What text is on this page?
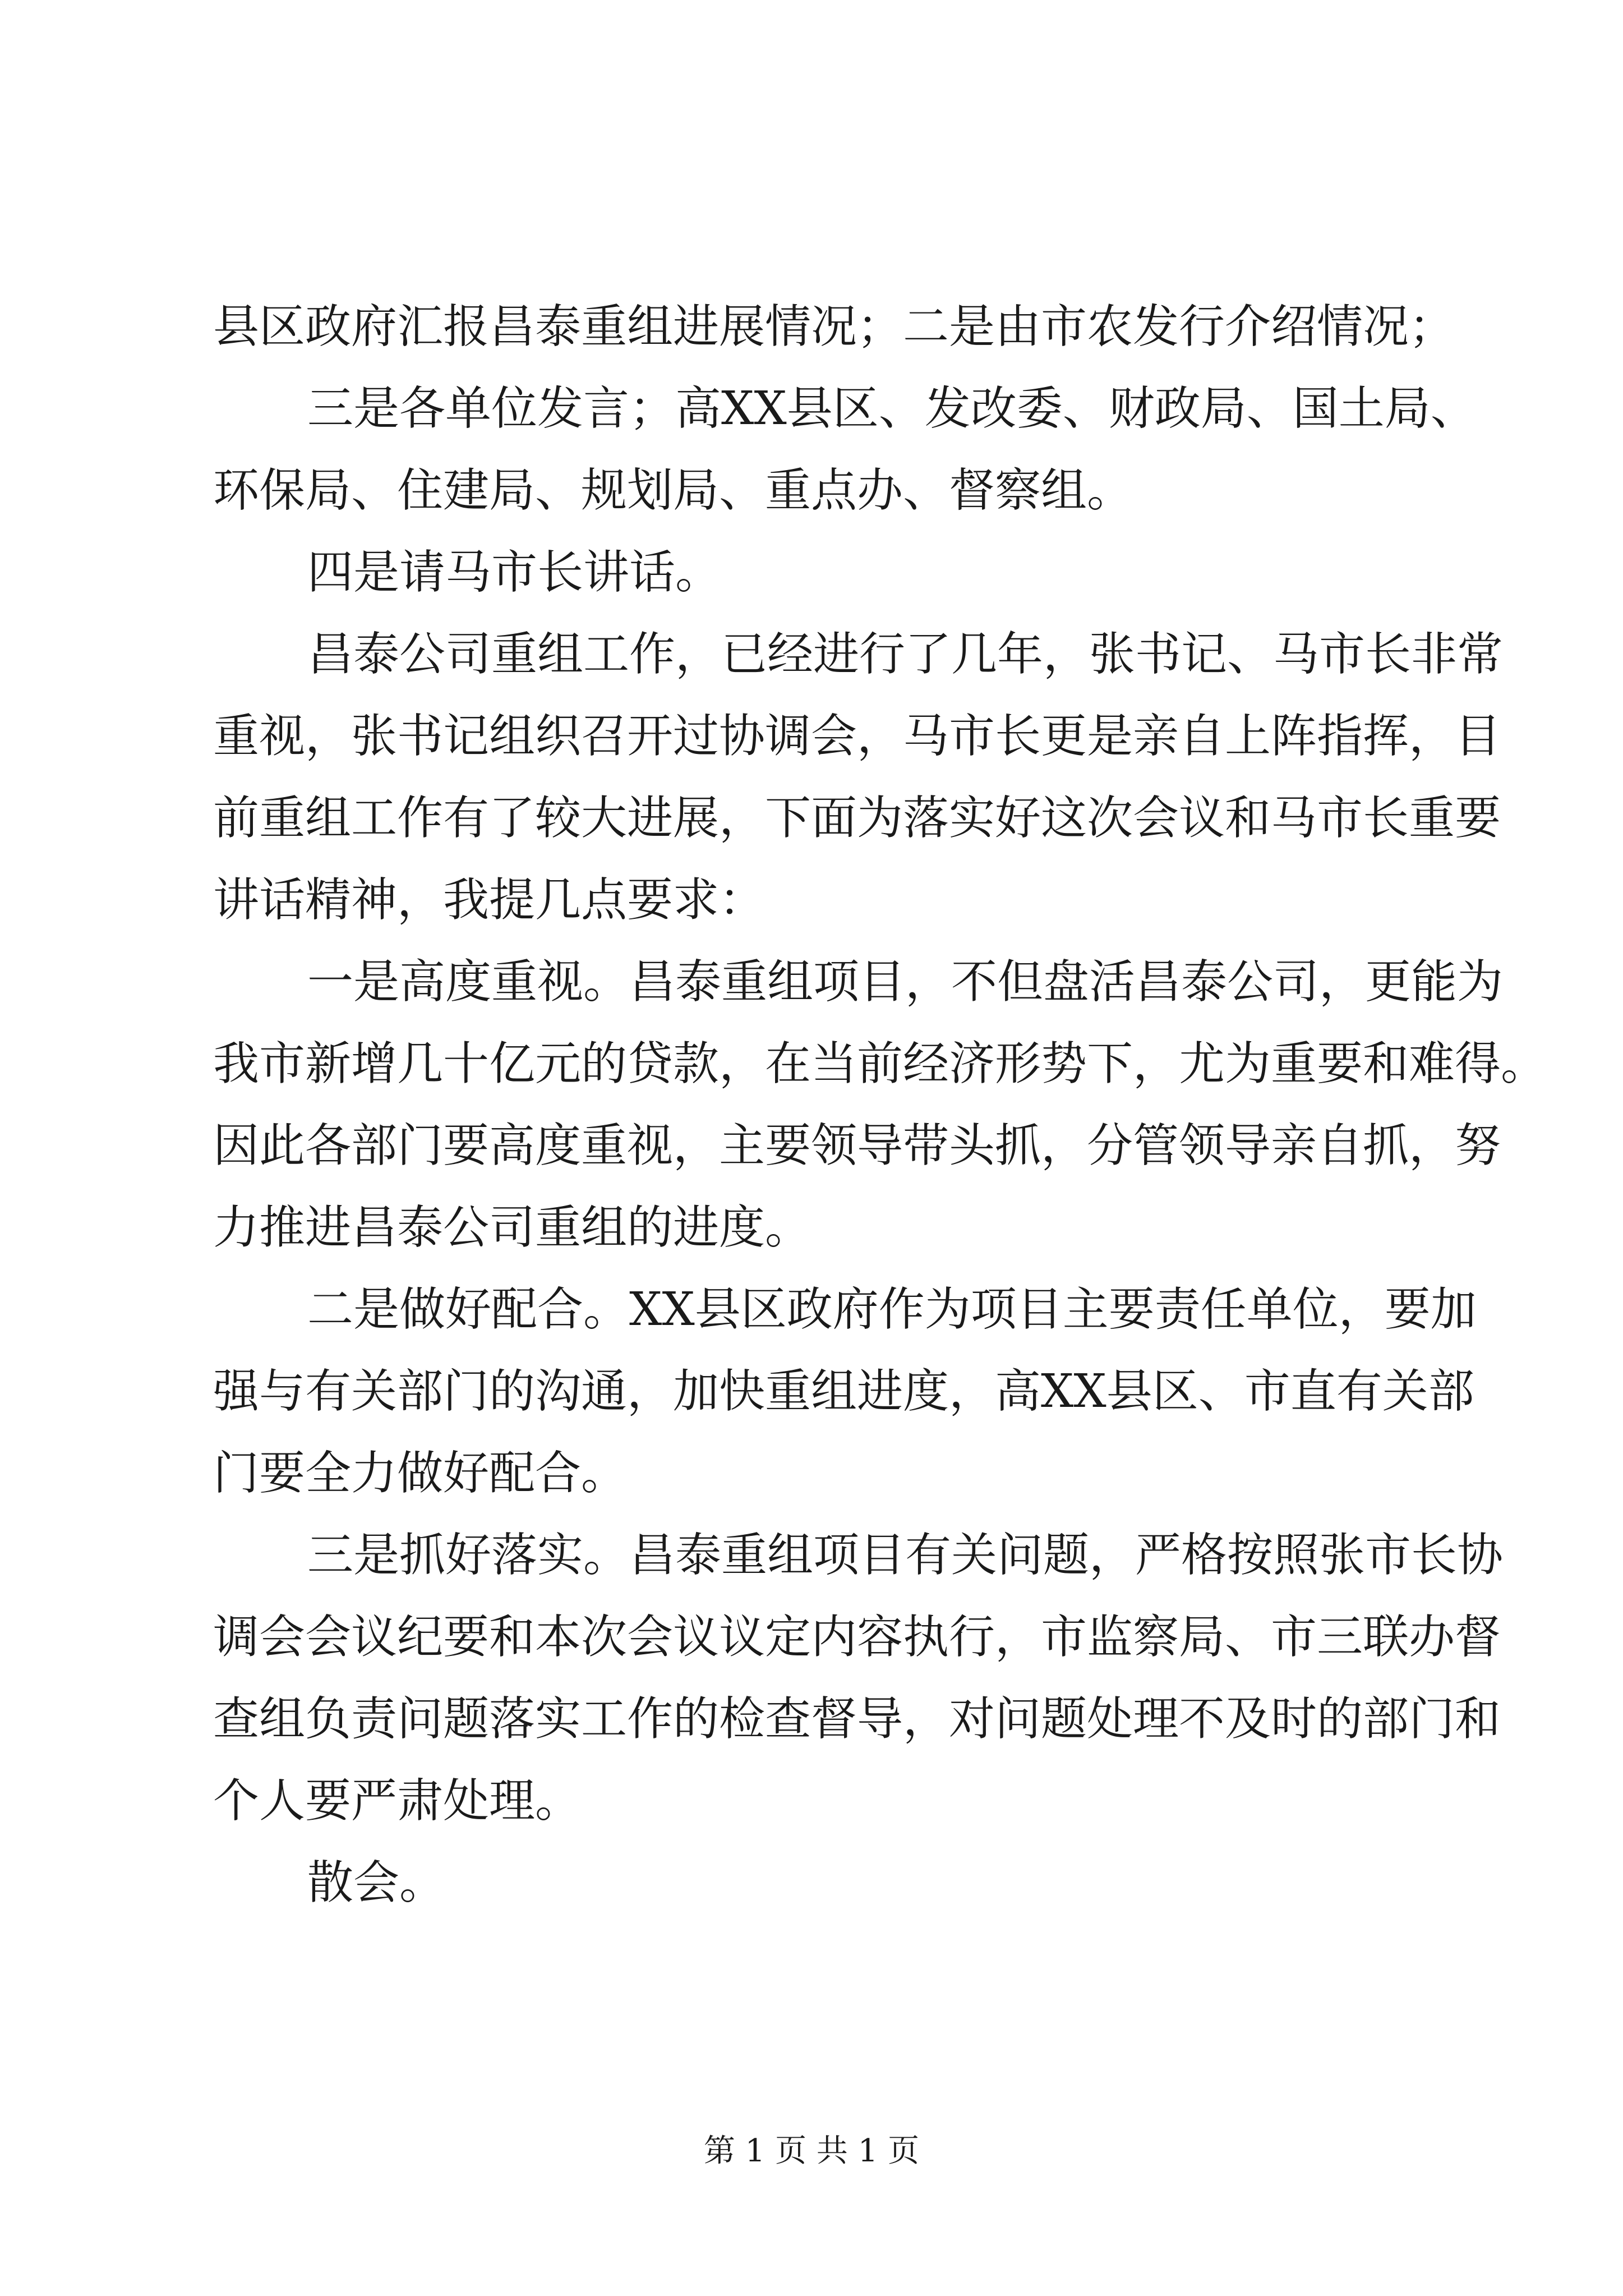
县区政府汇报昌泰重组进展情况；二是由市农发行介绍情况；
三是各单位发言；高XX县区、发改委、财政局、国土局、
环保局、住建局、规划局、重点办、督察组。
四是请马市长讲话。
昌泰公司重组工作，已经进行了几年，张书记、马市长非常
重视，张书记组织召开过协调会，马市长更是亲自上阵指挥，目
前重组工作有了较大进展，下面为落实好这次会议和马市长重要
讲话精神，我提几点要求：
一是高度重视。昌泰重组项目，不但盘活昌泰公司，更能为
我市新增几十亿元的贷款，在当前经济形势下，尤为重要和难得。
因此各部门要高度重视，主要领导带头抓，分管领导亲自抓，努
力推进昌泰公司重组的进度。
二是做好配合。XX县区政府作为项目主要责任单位，要加
强与有关部门的沟通，加快重组进度，高XX县区、市直有关部
门要全力做好配合。
三是抓好落实。昌泰重组项目有关问题，严格按照张市长协
调会会议纪要和本次会议议定内容执行，市监察局、市三联办督
查组负责问题落实工作的检查督导，对问题处理不及时的部门和
个人要严肃处理。
散会。
第 1 页 共 1 页
